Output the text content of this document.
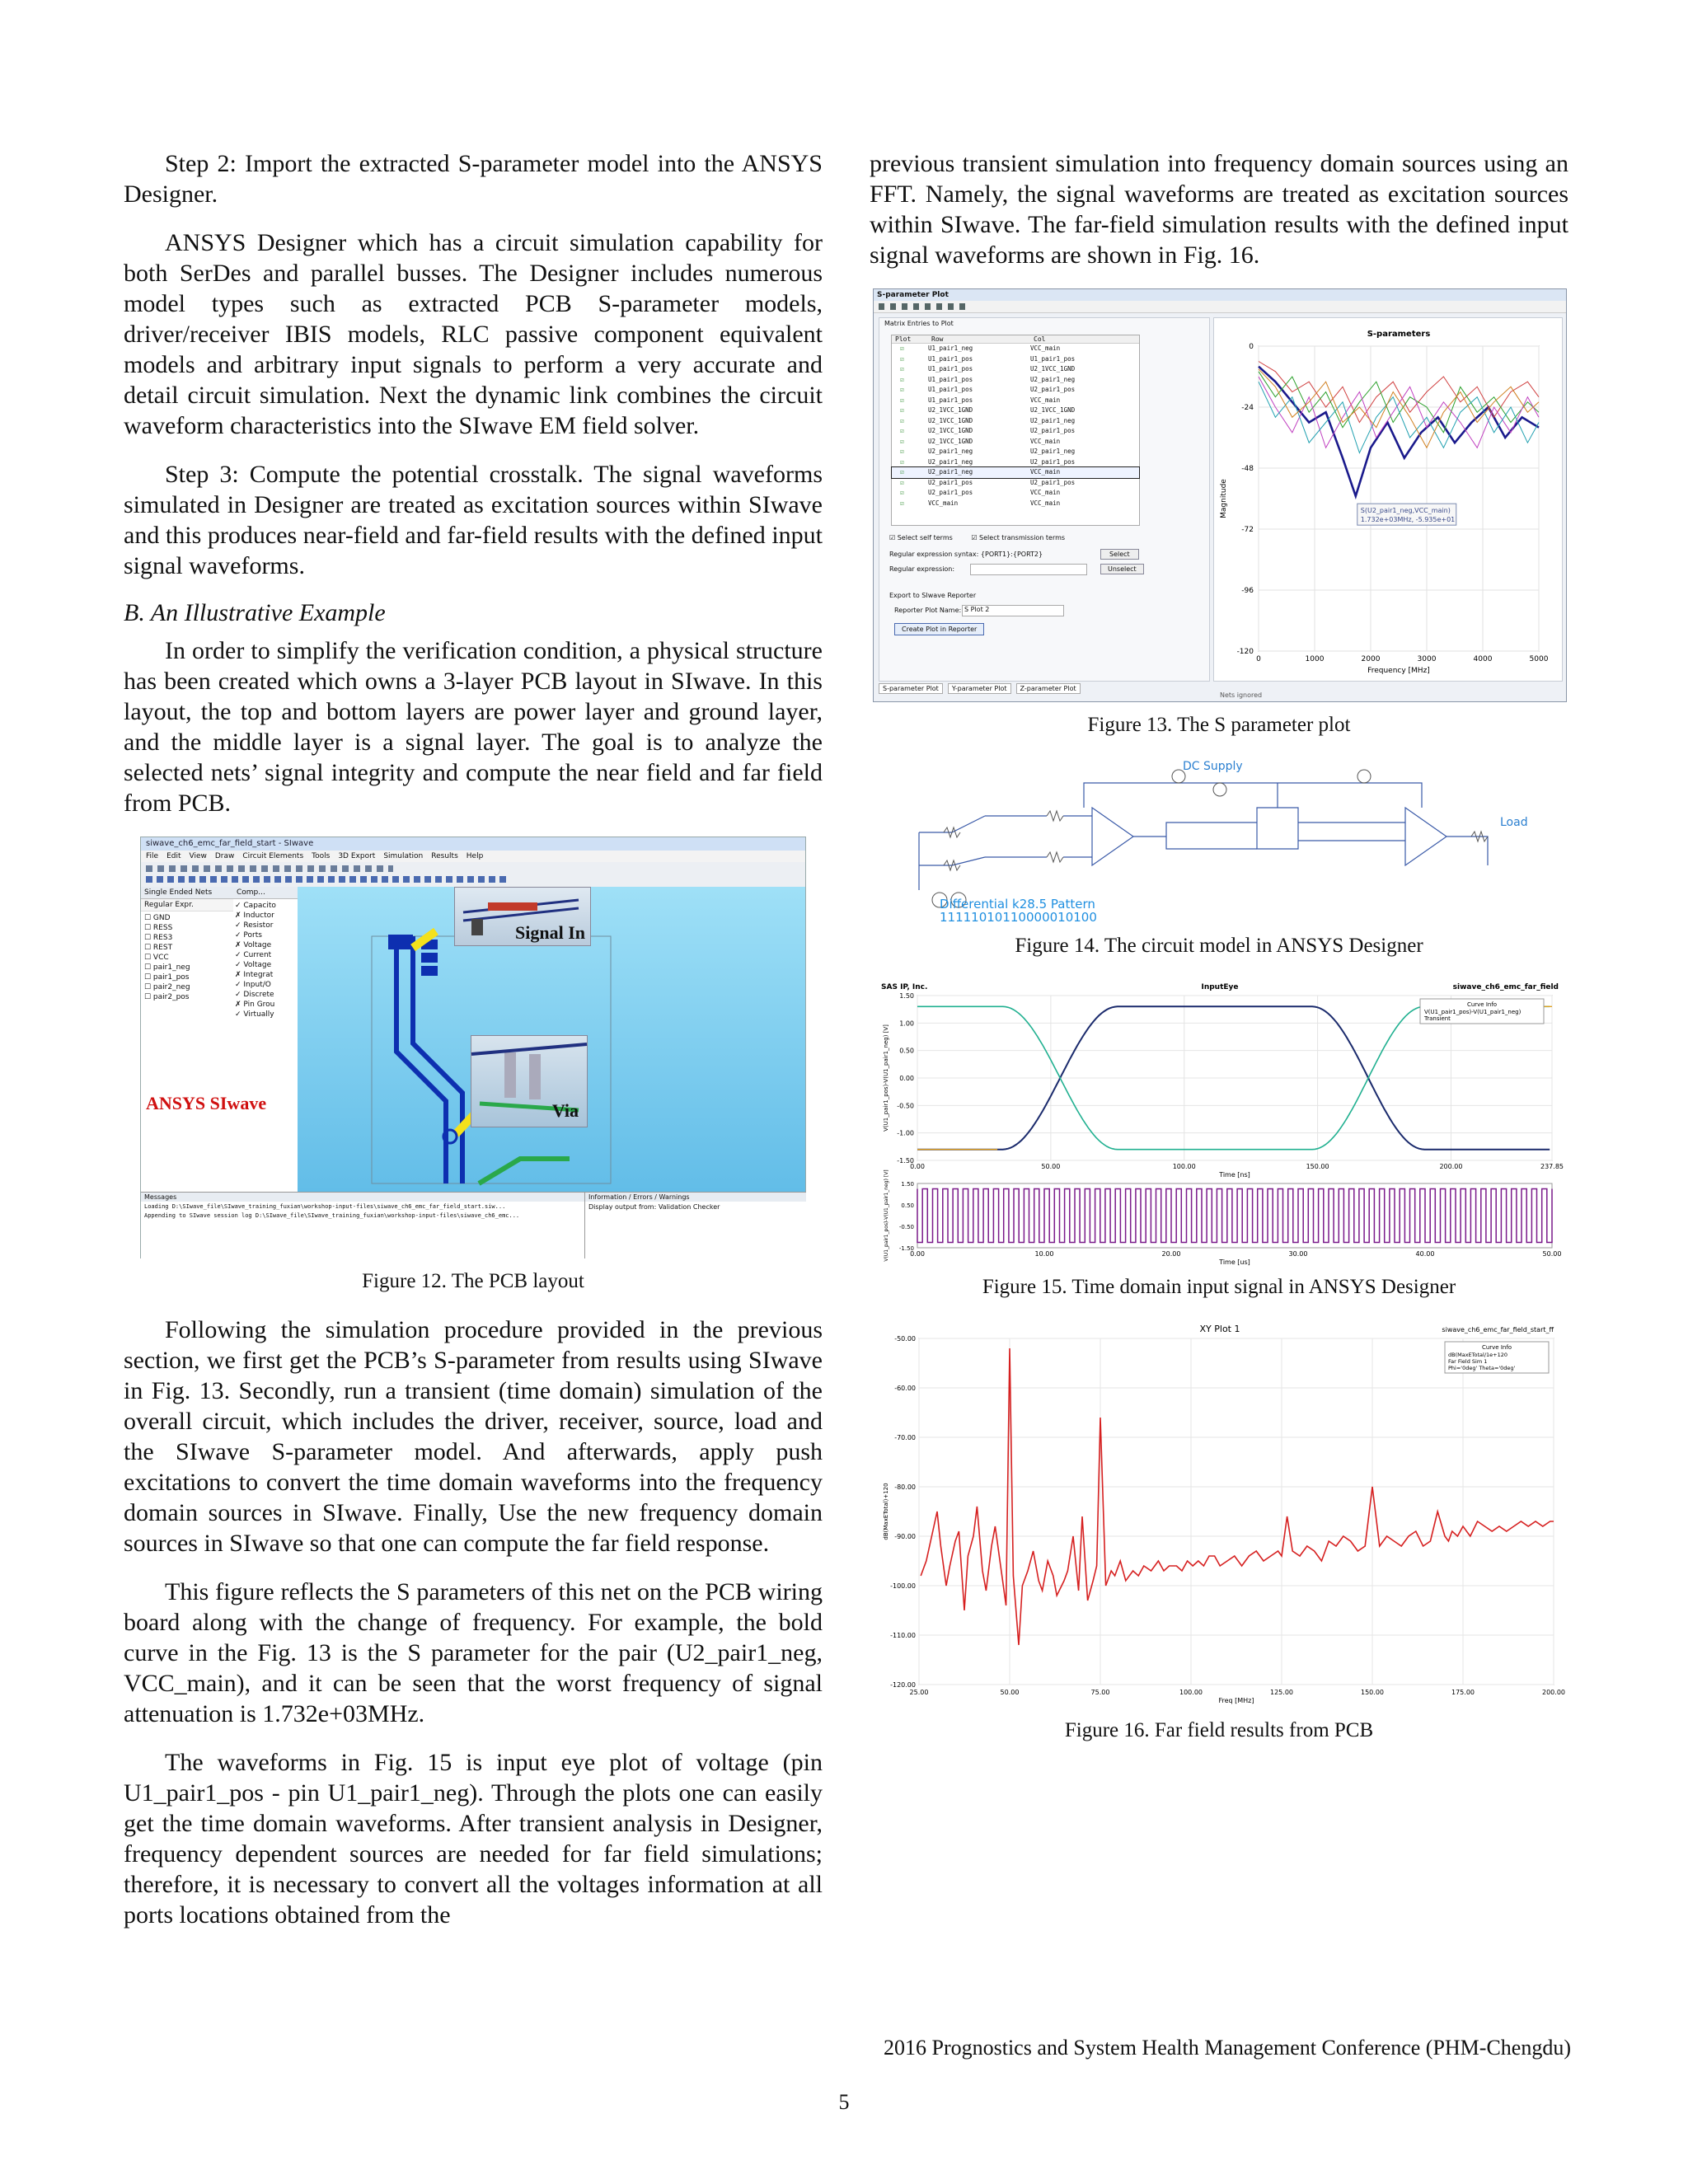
Step 2: Import the extracted S-parameter model into the ANSYS Designer.

ANSYS Designer which has a circuit simulation capability for both SerDes and parallel busses. The Designer includes numerous model types such as extracted PCB S-parameter models, driver/receiver IBIS models, RLC passive component equivalent models and arbitrary input signals to perform a very accurate and detail circuit simulation. Next the dynamic link combines the circuit waveform characteristics into the SIwave EM field solver.

Step 3: Compute the potential crosstalk. The signal waveforms simulated in Designer are treated as excitation sources within SIwave and this produces near-field and far-field results with the defined input signal waveforms.

B. An Illustrative Example

In order to simplify the verification condition, a physical structure has been created which owns a 3-layer PCB layout in SIwave. In this layout, the top and bottom layers are power layer and ground layer, and the middle layer is a signal layer. The goal is to analyze the selected nets’ signal integrity and compute the near field and far field from PCB.

siwave_ch6_emc_far_field_start - SIwave
File Edit View Draw Circuit Elements Tools 3D Export Simulation Results Help
Single Ended Nets
Regular Expr.
☐ GND
☐ RESS
☐ RES3
☐ REST
☐ VCC
☐ pair1_neg
☐ pair1_pos
☐ pair2_neg
☐ pair2_pos
Comp...
✓ Capacito
✗ Inductor
✓ Resistor
✓ Ports
✗ Voltage
✓ Current
✓ Voltage
✗ Integrat
✓ Input/O
✓ Discrete
✗ Pin Grou
✓ Virtually
Signal In
Via
ANSYS SIwave
Messages
Loading D:\SIwave_file\SIwave_training_fuxian\workshop-input-files\siwave_ch6_emc_far_field_start.siw...
Appending to SIwave session log D:\SIwave_file\SIwave_training_fuxian\workshop-input-files\siwave_ch6_emc...
Information / Errors / Warnings
Display output from: Validation Checker
Figure 12. The PCB layout

Following the simulation procedure provided in the previous section, we first get the PCB’s S-parameter from results using SIwave in Fig. 13. Secondly, run a transient (time domain) simulation of the overall circuit, which includes the driver, receiver, source, load and the SIwave S-parameter model. And afterwards, apply push excitations to convert the time domain waveforms into the frequency domain sources in SIwave. Finally, Use the new frequency domain sources in SIwave so that one can compute the far field response.

This figure reflects the S parameters of this net on the PCB wiring board along with the change of frequency. For example, the bold curve in the Fig. 13 is the S parameter for the pair (U2_pair1_neg, VCC_main), and it can be seen that the worst frequency of signal attenuation is 1.732e+03MHz.

The waveforms in Fig. 15 is input eye plot of voltage (pin U1_pair1_pos - pin U1_pair1_neg). Through the plots one can easily get the time domain waveforms. After transient analysis in Designer, frequency dependent sources are needed for far field simulations; therefore, it is necessary to convert all the voltages information at all ports locations obtained from the

previous transient simulation into frequency domain sources using an FFT. Namely, the signal waveforms are treated as excitation sources within SIwave. The far-field simulation results with the defined input signal waveforms are shown in Fig. 16.

S-parameter Plot
Matrix Entries to Plot
Plot	Row	Col
☑	U1_pair1_neg	VCC_main
☑	U1_pair1_pos	U1_pair1_pos
☑	U1_pair1_pos	U2_1VCC_1GND
☑	U1_pair1_pos	U2_pair1_neg
☑	U1_pair1_pos	U2_pair1_pos
☑	U1_pair1_pos	VCC_main
☑	U2_1VCC_1GND	U2_1VCC_1GND
☑	U2_1VCC_1GND	U2_pair1_neg
☑	U2_1VCC_1GND	U2_pair1_pos
☑	U2_1VCC_1GND	VCC_main
☑	U2_pair1_neg	U2_pair1_neg
☑	U2_pair1_neg	U2_pair1_pos
☑	U2_pair1_neg	VCC_main
☑	U2_pair1_pos	U2_pair1_pos
☑	U2_pair1_pos	VCC_main
☑	VCC_main	VCC_main
☑ Select self terms	☑ Select transmission terms
Regular expression syntax: {PORT1}:{PORT2}	Select
Regular expression:	Unselect
Export to SIwave Reporter
Reporter Plot Name: S Plot 2
Create Plot in Reporter
S-parameters
0	1000	2000	3000	4000	5000
0
-24
-48
-72
-96
-120
Frequency [MHz]
Magnitude	S(U2_pair1_neg,VCC_main)
1.732e+03MHz, -5.935e+01
S-parameter Plot	Y-parameter Plot	Z-parameter Plot
Nets ignored
Figure 13. The S parameter plot
DC Supply
Load
Differential k28.5 Pattern
11111010110000010100
Figure 14. The circuit model in ANSYS Designer
SAS IP, Inc.	InputEye	siwave_ch6_emc_far_field
0.00	50.00	100.00	150.00	200.00	237.85
1.50
1.00
0.50
0.00
-0.50
-1.00
-1.50
Time [ns]
V(U1_pair1_pos)-V(U1_pair1_neg) [V]
Curve Info
V(U1_pair1_pos)-V(U1_pair1_neg)
Transient
0.00	10.00	20.00	30.00	40.00	50.00
1.50
0.50
-0.50
-1.50
Time [us]
V(U1_pair1_pos)-V(U1_pair1_neg) [V]
Figure 15. Time domain input signal in ANSYS Designer
XY Plot 1	siwave_ch6_emc_far_field_start_ff
25.00	50.00	75.00	100.00	125.00	150.00	175.00	200.00
-50.00
-60.00
-70.00
-80.00
-90.00
-100.00
-110.00
-120.00
Freq [MHz]
dB(MaxETotal)+120
Curve Info
dB(MaxETotal/1e+120
Far Field Sim 1
Phi='0deg' Theta='0deg'
Figure 16. Far field results from PCB
2016 Prognostics and System Health Management Conference (PHM-Chengdu)
5
